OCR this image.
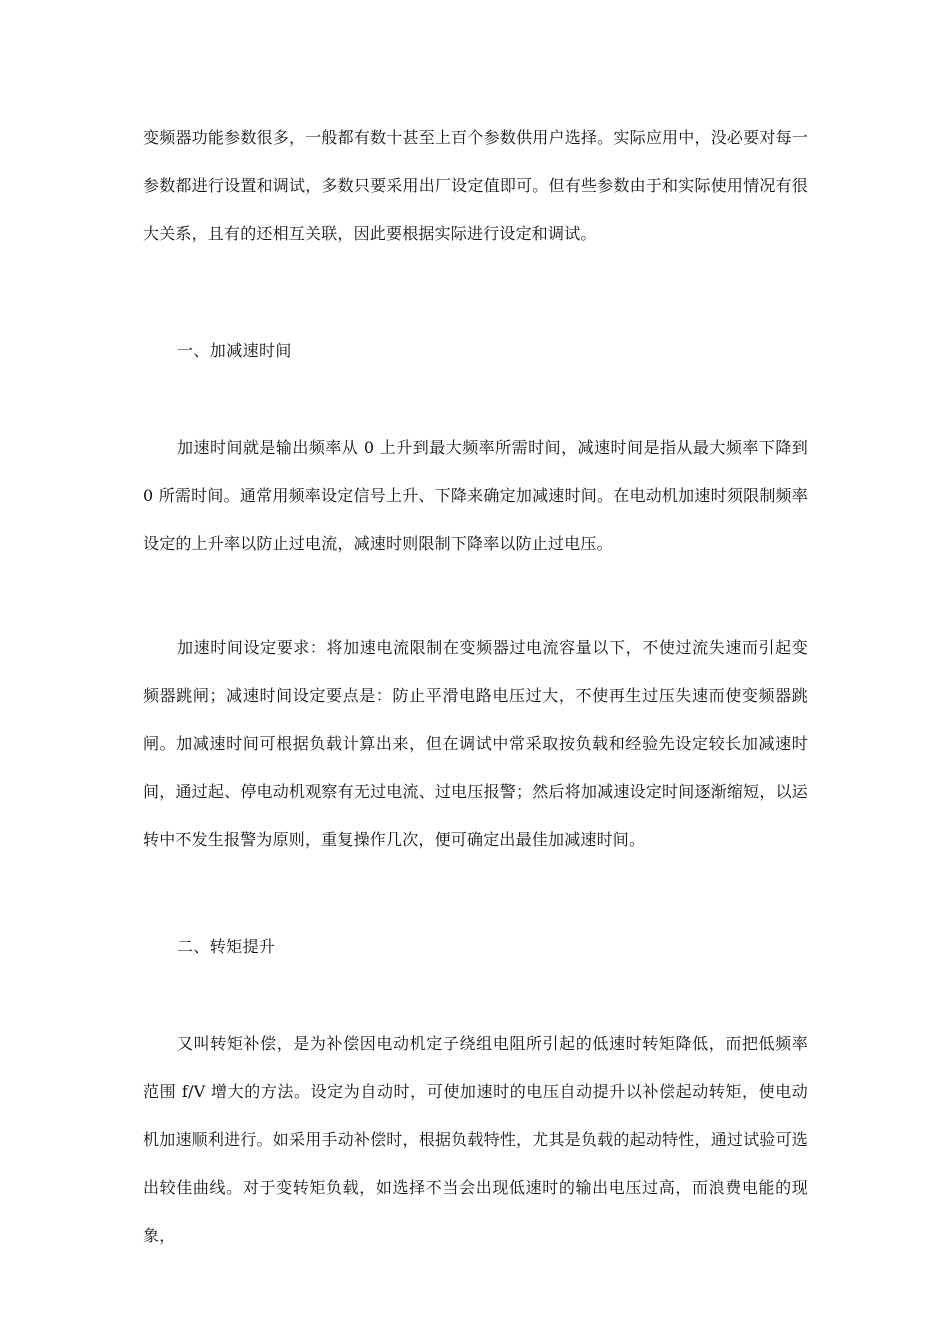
变频器功能参数很多，一般都有数十甚至上百个参数供用户选择。实际应用中，没必要对每一参数都进行设置和调试，多数只要采用出厂设定值即可。但有些参数由于和实际使用情况有很大关系，且有的还相互关联，因此要根据实际进行设定和调试。

一、加减速时间

加速时间就是输出频率从 0 上升到最大频率所需时间，减速时间是指从最大频率下降到 0 所需时间。通常用频率设定信号上升、下降来确定加减速时间。在电动机加速时须限制频率设定的上升率以防止过电流，减速时则限制下降率以防止过电压。

加速时间设定要求：将加速电流限制在变频器过电流容量以下，不使过流失速而引起变频器跳闸；减速时间设定要点是：防止平滑电路电压过大，不使再生过压失速而使变频器跳闸。加减速时间可根据负载计算出来，但在调试中常采取按负载和经验先设定较长加减速时间，通过起、停电动机观察有无过电流、过电压报警；然后将加减速设定时间逐渐缩短，以运转中不发生报警为原则，重复操作几次，便可确定出最佳加减速时间。

二、转矩提升

又叫转矩补偿，是为补偿因电动机定子绕组电阻所引起的低速时转矩降低，而把低频率范围 f/V 增大的方法。设定为自动时，可使加速时的电压自动提升以补偿起动转矩，使电动机加速顺利进行。如采用手动补偿时，根据负载特性，尤其是负载的起动特性，通过试验可选出较佳曲线。对于变转矩负载，如选择不当会出现低速时的输出电压过高，而浪费电能的现象，
